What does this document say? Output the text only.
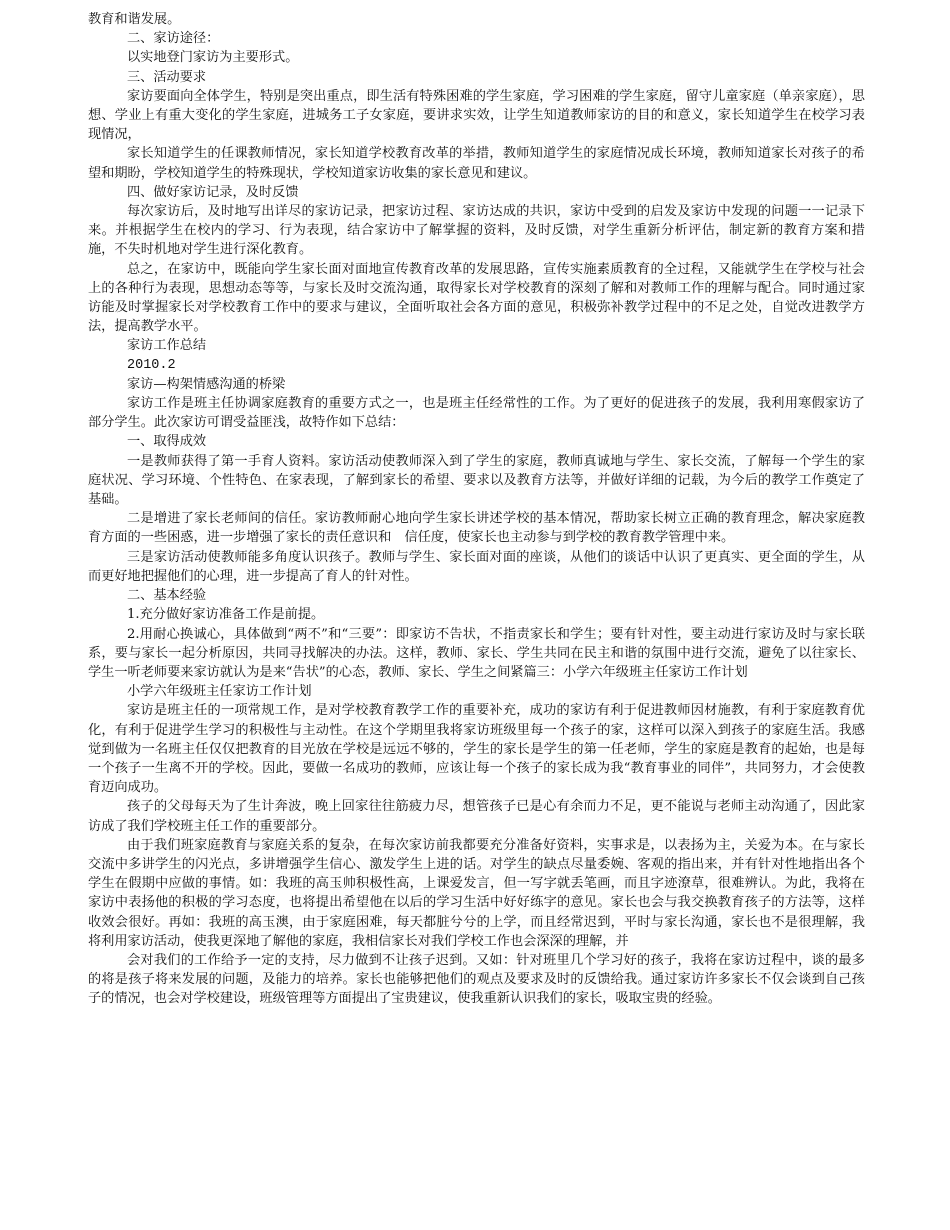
教育和谐发展。

二、家访途径：

以实地登门家访为主要形式。

三、活动要求

家访要面向全体学生，特别是突出重点，即生活有特殊困难的学生家庭，学习困难的学生家庭，留守儿童家庭（单亲家庭），思想、学业上有重大变化的学生家庭，进城务工子女家庭，要讲求实效，让学生知道教师家访的目的和意义，家长知道学生在校学习表现情况，

家长知道学生的任课教师情况，家长知道学校教育改革的举措，教师知道学生的家庭情况成长环境，教师知道家长对孩子的希望和期盼，学校知道学生的特殊现状，学校知道家访收集的家长意见和建议。

四、做好家访记录，及时反馈

每次家访后，及时地写出详尽的家访记录，把家访过程、家访达成的共识，家访中受到的启发及家访中发现的问题一一记录下来。并根据学生在校内的学习、行为表现，结合家访中了解掌握的资料，及时反馈，对学生重新分析评估，制定新的教育方案和措施，不失时机地对学生进行深化教育。

总之，在家访中，既能向学生家长面对面地宣传教育改革的发展思路，宣传实施素质教育的全过程，又能就学生在学校与社会上的各种行为表现，思想动态等等，与家长及时交流沟通，取得家长对学校教育的深刻了解和对教师工作的理解与配合。同时通过家访能及时掌握家长对学校教育工作中的要求与建议，全面听取社会各方面的意见，积极弥补教学过程中的不足之处，自觉改进教学方法，提高教学水平。

家访工作总结

2010.2

家访—构架情感沟通的桥梁

家访工作是班主任协调家庭教育的重要方式之一，也是班主任经常性的工作。为了更好的促进孩子的发展，我利用寒假家访了部分学生。此次家访可谓受益匪浅，故特作如下总结：

一、取得成效

一是教师获得了第一手育人资料。家访活动使教师深入到了学生的家庭，教师真诚地与学生、家长交流，了解每一个学生的家庭状况、学习环境、个性特色、在家表现，了解到家长的希望、要求以及教育方法等，并做好详细的记载，为今后的教学工作奠定了基础。

二是增进了家长老师间的信任。家访教师耐心地向学生家长讲述学校的基本情况，帮助家长树立正确的教育理念，解决家庭教育方面的一些困惑，进一步增强了家长的责任意识和　信任度，使家长也主动参与到学校的教育教学管理中来。

三是家访活动使教师能多角度认识孩子。教师与学生、家长面对面的座谈，从他们的谈话中认识了更真实、更全面的学生，从而更好地把握他们的心理，进一步提高了育人的针对性。

二、基本经验

1.充分做好家访准备工作是前提。

2.用耐心换诚心，具体做到“两不”和“三要”：即家访不告状，不指责家长和学生；要有针对性，要主动进行家访及时与家长联系，要与家长一起分析原因，共同寻找解决的办法。这样，教师、家长、学生共同在民主和谐的氛围中进行交流，避免了以往家长、学生一听老师要来家访就认为是来“告状”的心态，教师、家长、学生之间紧篇三：小学六年级班主任家访工作计划

小学六年级班主任家访工作计划

家访是班主任的一项常规工作，是对学校教育教学工作的重要补充，成功的家访有利于促进教师因材施教，有利于家庭教育优化，有利于促进学生学习的积极性与主动性。在这个学期里我将家访班级里每一个孩子的家，这样可以深入到孩子的家庭生活。我感觉到做为一名班主任仅仅把教育的目光放在学校是远远不够的，学生的家长是学生的第一任老师，学生的家庭是教育的起始，也是每一个孩子一生离不开的学校。因此，要做一名成功的教师，应该让每一个孩子的家长成为我“教育事业的同伴”，共同努力，才会使教育迈向成功。

孩子的父母每天为了生计奔波，晚上回家往往筋疲力尽，想管孩子已是心有余而力不足，更不能说与老师主动沟通了，因此家访成了我们学校班主任工作的重要部分。

由于我们班家庭教育与家庭关系的复杂，在每次家访前我都要充分准备好资料，实事求是，以表扬为主，关爱为本。在与家长交流中多讲学生的闪光点，多讲增强学生信心、激发学生上进的话。对学生的缺点尽量委婉、客观的指出来，并有针对性地指出各个学生在假期中应做的事情。如：我班的高玉帅积极性高，上课爱发言，但一写字就丢笔画，而且字迹潦草，很难辨认。为此，我将在家访中表扬他的积极的学习态度，也将提出希望他在以后的学习生活中好好练字的意见。家长也会与我交换教育孩子的方法等，这样收效会很好。再如：我班的高玉澳，由于家庭困难，每天都脏兮兮的上学，而且经常迟到，平时与家长沟通，家长也不是很理解，我将利用家访活动，使我更深地了解他的家庭，我相信家长对我们学校工作也会深深的理解，并

会对我们的工作给予一定的支持，尽力做到不让孩子迟到。又如：针对班里几个学习好的孩子，我将在家访过程中，谈的最多的将是孩子将来发展的问题，及能力的培养。家长也能够把他们的观点及要求及时的反馈给我。通过家访许多家长不仅会谈到自己孩子的情况，也会对学校建设，班级管理等方面提出了宝贵建议，使我重新认识我们的家长，吸取宝贵的经验。
